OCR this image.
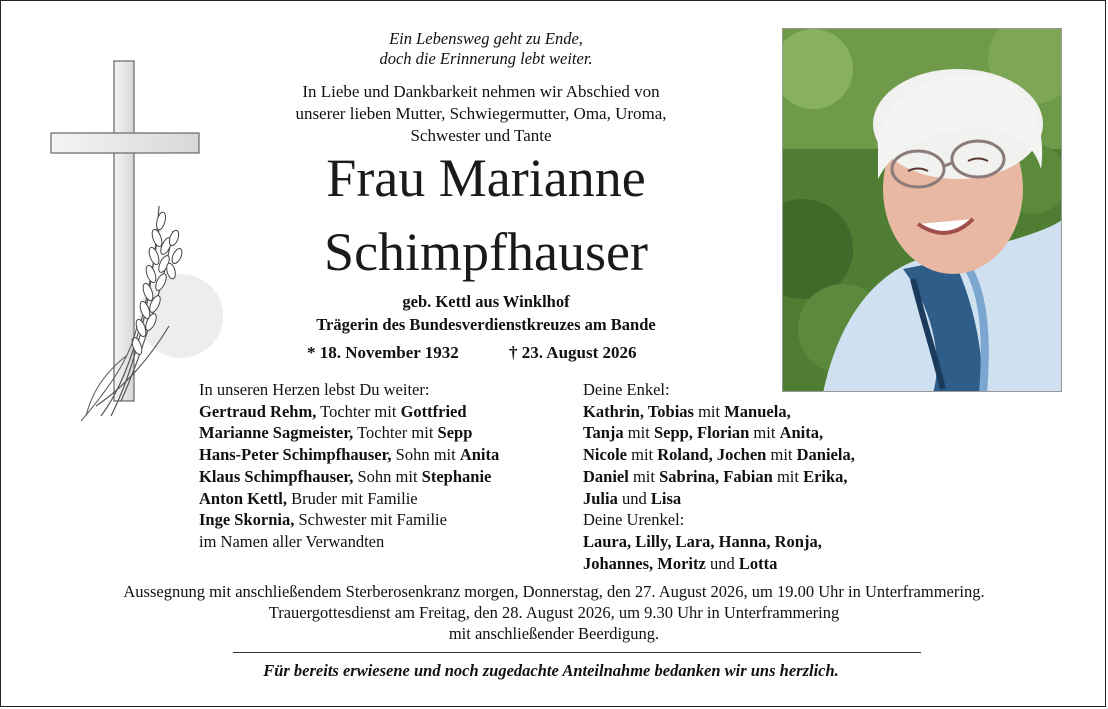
Ein Lebensweg geht zu Ende,
doch die Erinnerung lebt weiter.
In Liebe und Dankbarkeit nehmen wir Abschied von
unserer lieben Mutter, Schwiegermutter, Oma, Uroma,
Schwester und Tante
Frau Marianne
Schimpfhauser
geb. Kettl aus Winklhof
Trägerin des Bundesverdienstkreuzes am Bande
* 18. November 1932	† 23. August 2026
In unseren Herzen lebst Du weiter:
Gertraud Rehm, Tochter mit Gottfried
Marianne Sagmeister, Tochter mit Sepp
Hans-Peter Schimpfhauser, Sohn mit Anita
Klaus Schimpfhauser, Sohn mit Stephanie
Anton Kettl, Bruder mit Familie
Inge Skornia, Schwester mit Familie
im Namen aller Verwandten
Deine Enkel:
Kathrin, Tobias mit Manuela,
Tanja mit Sepp, Florian mit Anita,
Nicole mit Roland, Jochen mit Daniela,
Daniel mit Sabrina, Fabian mit Erika,
Julia und Lisa
Deine Urenkel:
Laura, Lilly, Lara, Hanna, Ronja,
Johannes, Moritz und Lotta
Aussegnung mit anschließendem Sterberosenkranz morgen, Donnerstag, den 27. August 2026, um 19.00 Uhr in Unterframmering.
Trauergottesdienst am Freitag, den 28. August 2026, um 9.30 Uhr in Unterframmering
mit anschließender Beerdigung.
Für bereits erwiesene und noch zugedachte Anteilnahme bedanken wir uns herzlich.
